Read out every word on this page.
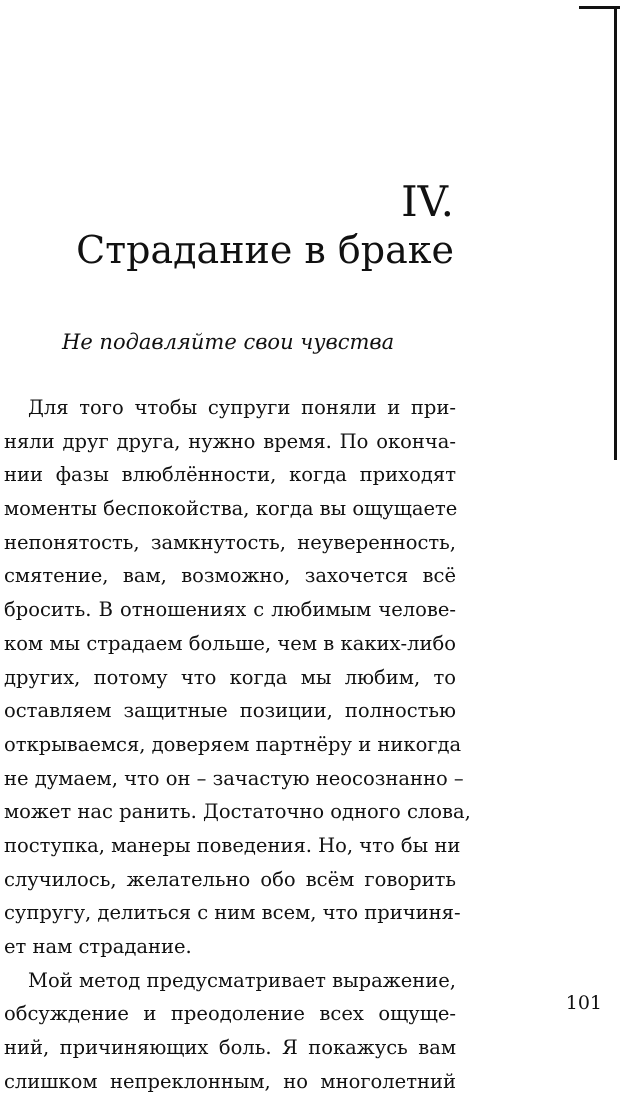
IV.
Страдание в браке
Не подавляйте свои чувства
Для того чтобы супруги поняли и при-
няли друг друга, нужно время. По оконча-
нии фазы влюблённости, когда приходят
моменты беспокойства, когда вы ощущаете
непонятость, замкнутость, неуверенность,
смятение, вам, возможно, захочется всё
бросить. В отношениях с любимым челове-
ком мы страдаем больше, чем в каких-либо
других, потому что когда мы любим, то
оставляем защитные позиции, полностью
открываемся, доверяем партнёру и никогда
не думаем, что он – зачастую неосознанно –
может нас ранить. Достаточно одного слова,
поступка, манеры поведения. Но, что бы ни
случилось, желательно обо всём говорить
супругу, делиться с ним всем, что причиня-
ет нам страдание.
Мой метод предусматривает выражение,
обсуждение и преодоление всех ощуще-
ний, причиняющих боль. Я покажусь вам
слишком непреклонным, но многолетний
101
